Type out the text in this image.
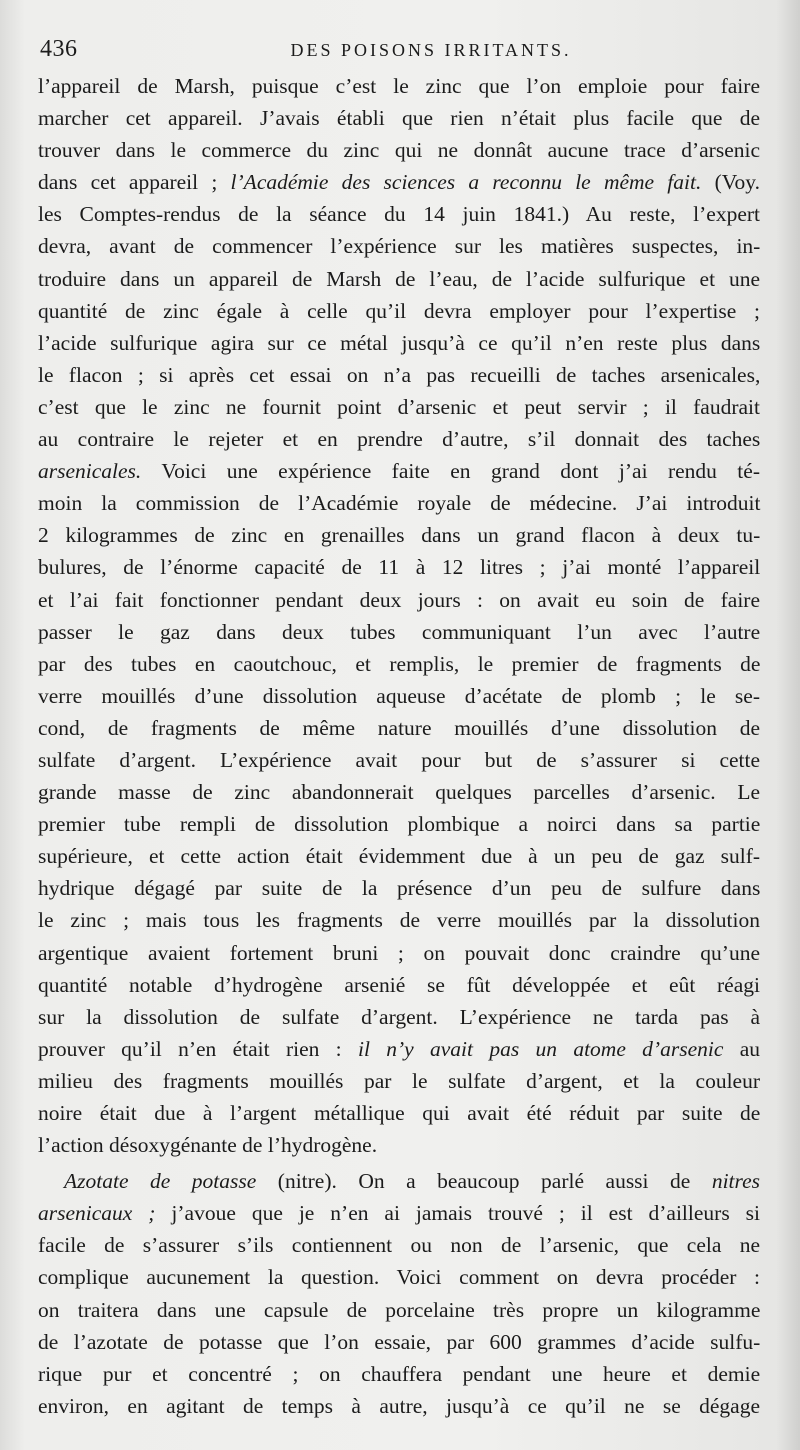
436	DES POISONS IRRITANTS.
l’appareil de Marsh, puisque c’est le zinc que l’on emploie pour faire
marcher cet appareil. J’avais établi que rien n’était plus facile que de
trouver dans le commerce du zinc qui ne donnât aucune trace d’arsenic
dans cet appareil ; l’Académie des sciences a reconnu le même fait. (Voy.
les Comptes-rendus de la séance du 14 juin 1841.) Au reste, l’expert
devra, avant de commencer l’expérience sur les matières suspectes, in-
troduire dans un appareil de Marsh de l’eau, de l’acide sulfurique et une
quantité de zinc égale à celle qu’il devra employer pour l’expertise ;
l’acide sulfurique agira sur ce métal jusqu’à ce qu’il n’en reste plus dans
le flacon ; si après cet essai on n’a pas recueilli de taches arsenicales,
c’est que le zinc ne fournit point d’arsenic et peut servir ; il faudrait
au contraire le rejeter et en prendre d’autre, s’il donnait des taches
arsenicales. Voici une expérience faite en grand dont j’ai rendu té-
moin la commission de l’Académie royale de médecine. J’ai introduit
2 kilogrammes de zinc en grenailles dans un grand flacon à deux tu-
bulures, de l’énorme capacité de 11 à 12 litres ; j’ai monté l’appareil
et l’ai fait fonctionner pendant deux jours : on avait eu soin de faire
passer le gaz dans deux tubes communiquant l’un avec l’autre
par des tubes en caoutchouc, et remplis, le premier de fragments de
verre mouillés d’une dissolution aqueuse d’acétate de plomb ; le se-
cond, de fragments de même nature mouillés d’une dissolution de
sulfate d’argent. L’expérience avait pour but de s’assurer si cette
grande masse de zinc abandonnerait quelques parcelles d’arsenic. Le
premier tube rempli de dissolution plombique a noirci dans sa partie
supérieure, et cette action était évidemment due à un peu de gaz sulf-
hydrique dégagé par suite de la présence d’un peu de sulfure dans
le zinc ; mais tous les fragments de verre mouillés par la dissolution
argentique avaient fortement bruni ; on pouvait donc craindre qu’une
quantité notable d’hydrogène arsenié se fût développée et eût réagi
sur la dissolution de sulfate d’argent. L’expérience ne tarda pas à
prouver qu’il n’en était rien : il n’y avait pas un atome d’arsenic au
milieu des fragments mouillés par le sulfate d’argent, et la couleur
noire était due à l’argent métallique qui avait été réduit par suite de
l’action désoxygénante de l’hydrogène.
Azotate de potasse (nitre). On a beaucoup parlé aussi de nitres
arsenicaux ; j’avoue que je n’en ai jamais trouvé ; il est d’ailleurs si
facile de s’assurer s’ils contiennent ou non de l’arsenic, que cela ne
complique aucunement la question. Voici comment on devra procéder :
on traitera dans une capsule de porcelaine très propre un kilogramme
de l’azotate de potasse que l’on essaie, par 600 grammes d’acide sulfu-
rique pur et concentré ; on chauffera pendant une heure et demie
environ, en agitant de temps à autre, jusqu’à ce qu’il ne se dégage
